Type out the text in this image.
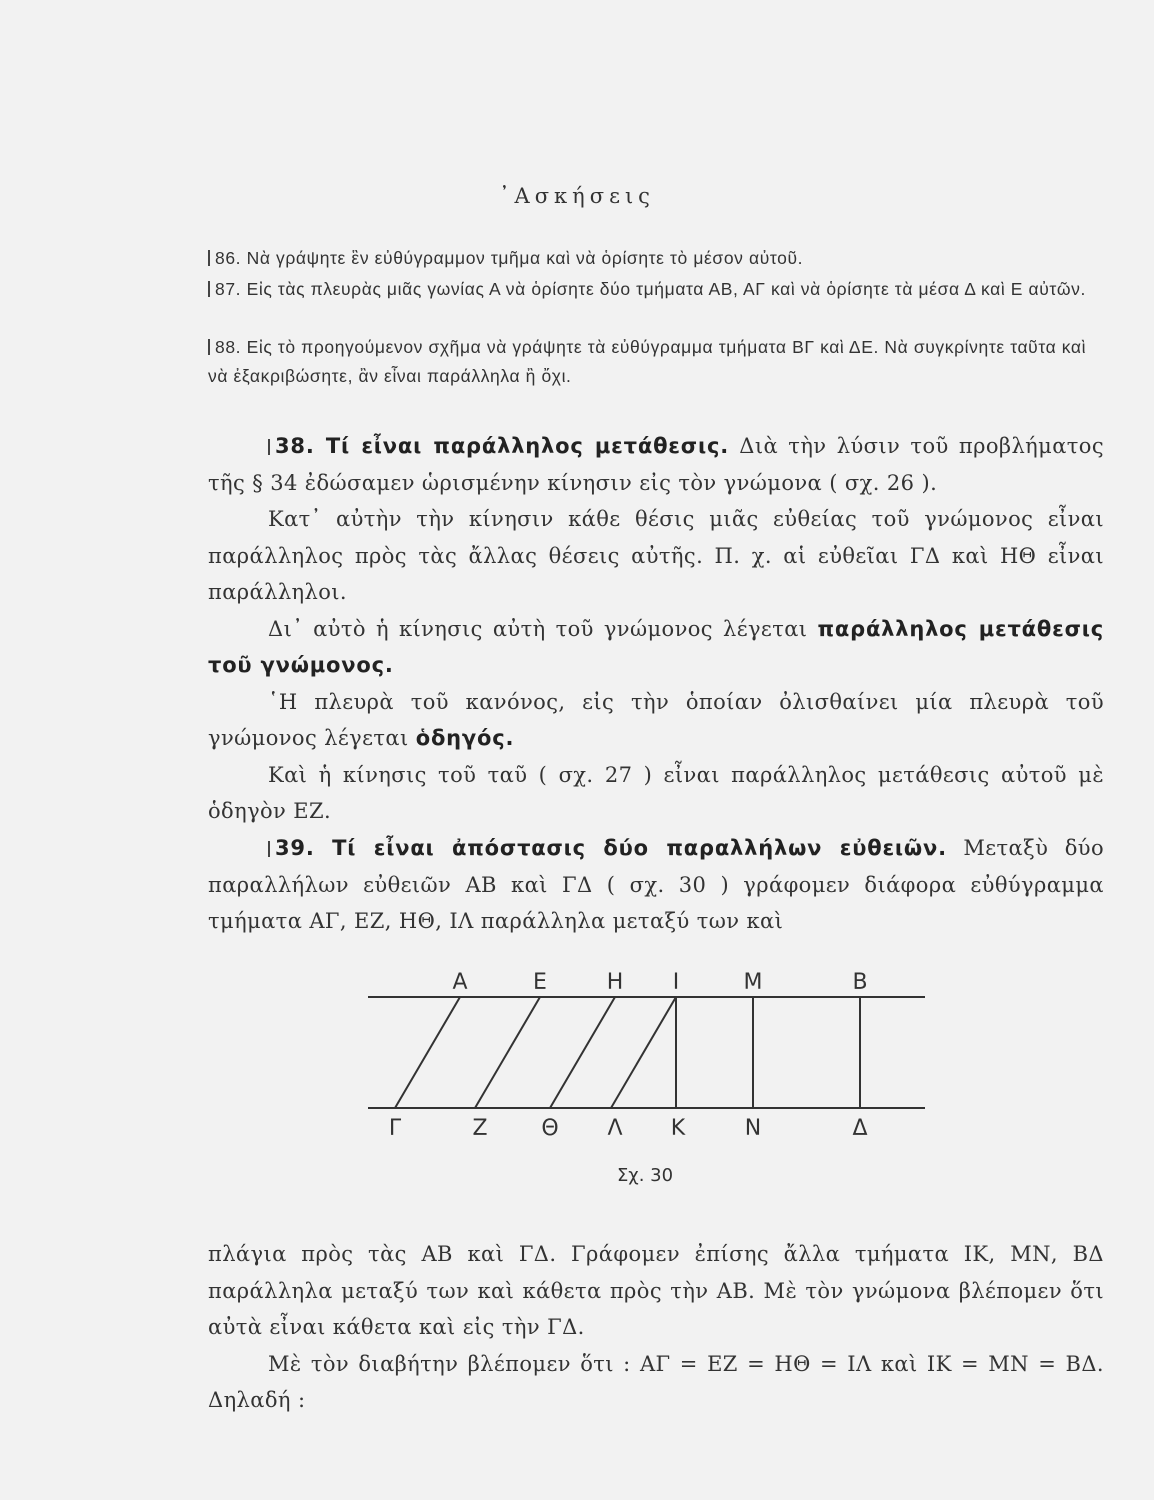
᾿Ασκήσεις
86. Νὰ γράψητε ἓν εὐθύγραμμον τμῆμα καὶ νὰ ὁρίσητε τὸ μέσον αὐτοῦ.
87. Εἰς τὰς πλευρὰς μιᾶς γωνίας Α νὰ ὁρίσητε δύο τμήματα ΑΒ, ΑΓ καὶ νὰ ὁρίσητε τὰ μέσα Δ καὶ Ε αὐτῶν.
88. Εἰς τὸ προηγούμενον σχῆμα νὰ γράψητε τὰ εὐθύγραμμα τμήματα ΒΓ καὶ ΔΕ. Νὰ συγκρίνητε ταῦτα καὶ νὰ ἐξακριβώσητε, ἂν εἶναι παράλληλα ἢ ὄχι.
38. Τί εἶναι παράλληλος μετάθεσις. Διὰ τὴν λύσιν τοῦ προβλήματος τῆς § 34 ἐδώσαμεν ὡρισμένην κίνησιν εἰς τὸν γνώμονα ( σχ. 26 ).
Κατ᾽ αὐτὴν τὴν κίνησιν κάθε θέσις μιᾶς εὐθείας τοῦ γνώμονος εἶναι παράλληλος πρὸς τὰς ἄλλας θέσεις αὐτῆς. Π. χ. αἱ εὐθεῖαι ΓΔ καὶ ΗΘ εἶναι παράλληλοι.
Δι᾽ αὐτὸ ἡ κίνησις αὐτὴ τοῦ γνώμονος λέγεται παράλληλος μετάθεσις τοῦ γνώμονος.
῾Η πλευρὰ τοῦ κανόνος, εἰς τὴν ὁποίαν ὀλισθαίνει μία πλευρὰ τοῦ γνώμονος λέγεται ὁδηγός.
Καὶ ἡ κίνησις τοῦ ταῦ ( σχ. 27 ) εἶναι παράλληλος μετάθεσις αὐτοῦ μὲ ὁδηγὸν ΕΖ.
39. Τί εἶναι ἀπόστασις δύο παραλλήλων εὐθειῶν. Μεταξὺ δύο παραλλήλων εὐθειῶν ΑΒ καὶ ΓΔ ( σχ. 30 ) γράφομεν διάφορα εὐθύγραμμα τμήματα ΑΓ, ΕΖ, ΗΘ, ΙΛ παράλληλα μεταξύ των καὶ
Α	Ε	Η Ι	Μ	Β
Γ	Ζ Θ Λ Κ	Ν	Δ
Σχ. 30
πλάγια πρὸς τὰς ΑΒ καὶ ΓΔ. Γράφομεν ἐπίσης ἄλλα τμήματα ΙΚ, ΜΝ, ΒΔ παράλληλα μεταξύ των καὶ κάθετα πρὸς τὴν ΑΒ. Μὲ τὸν γνώμονα βλέπομεν ὅτι αὐτὰ εἶναι κάθετα καὶ εἰς τὴν ΓΔ.
Μὲ τὸν διαβήτην βλέπομεν ὅτι : ΑΓ = ΕΖ = ΗΘ = ΙΛ καὶ ΙΚ = ΜΝ = ΒΔ. Δηλαδή :
